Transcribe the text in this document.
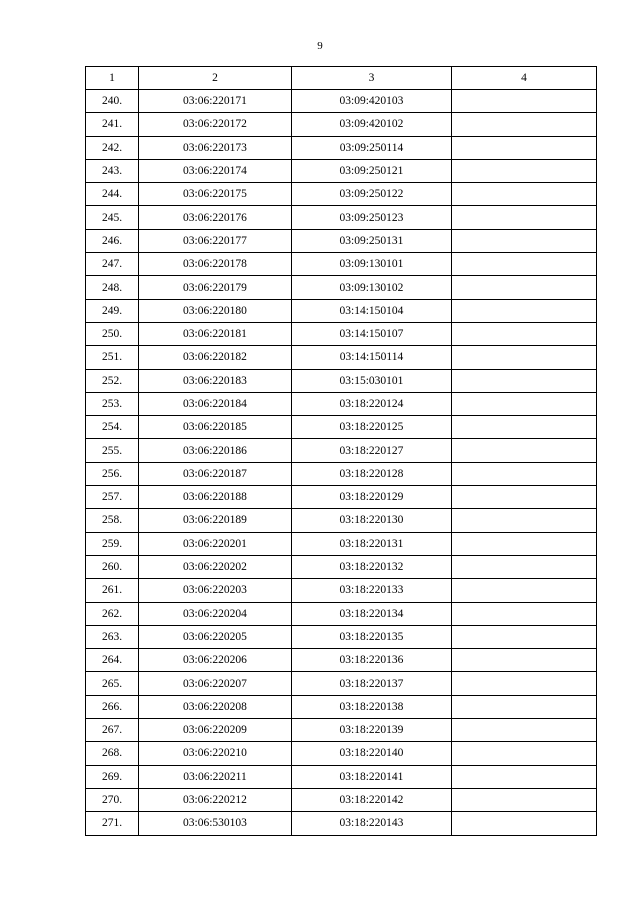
9
1	2	3	4
240.	03:06:220171	03:09:420103	
241.	03:06:220172	03:09:420102	
242.	03:06:220173	03:09:250114	
243.	03:06:220174	03:09:250121	
244.	03:06:220175	03:09:250122	
245.	03:06:220176	03:09:250123	
246.	03:06:220177	03:09:250131	
247.	03:06:220178	03:09:130101	
248.	03:06:220179	03:09:130102	
249.	03:06:220180	03:14:150104	
250.	03:06:220181	03:14:150107	
251.	03:06:220182	03:14:150114	
252.	03:06:220183	03:15:030101	
253.	03:06:220184	03:18:220124	
254.	03:06:220185	03:18:220125	
255.	03:06:220186	03:18:220127	
256.	03:06:220187	03:18:220128	
257.	03:06:220188	03:18:220129	
258.	03:06:220189	03:18:220130	
259.	03:06:220201	03:18:220131	
260.	03:06:220202	03:18:220132	
261.	03:06:220203	03:18:220133	
262.	03:06:220204	03:18:220134	
263.	03:06:220205	03:18:220135	
264.	03:06:220206	03:18:220136	
265.	03:06:220207	03:18:220137	
266.	03:06:220208	03:18:220138	
267.	03:06:220209	03:18:220139	
268.	03:06:220210	03:18:220140	
269.	03:06:220211	03:18:220141	
270.	03:06:220212	03:18:220142	
271.	03:06:530103	03:18:220143	
